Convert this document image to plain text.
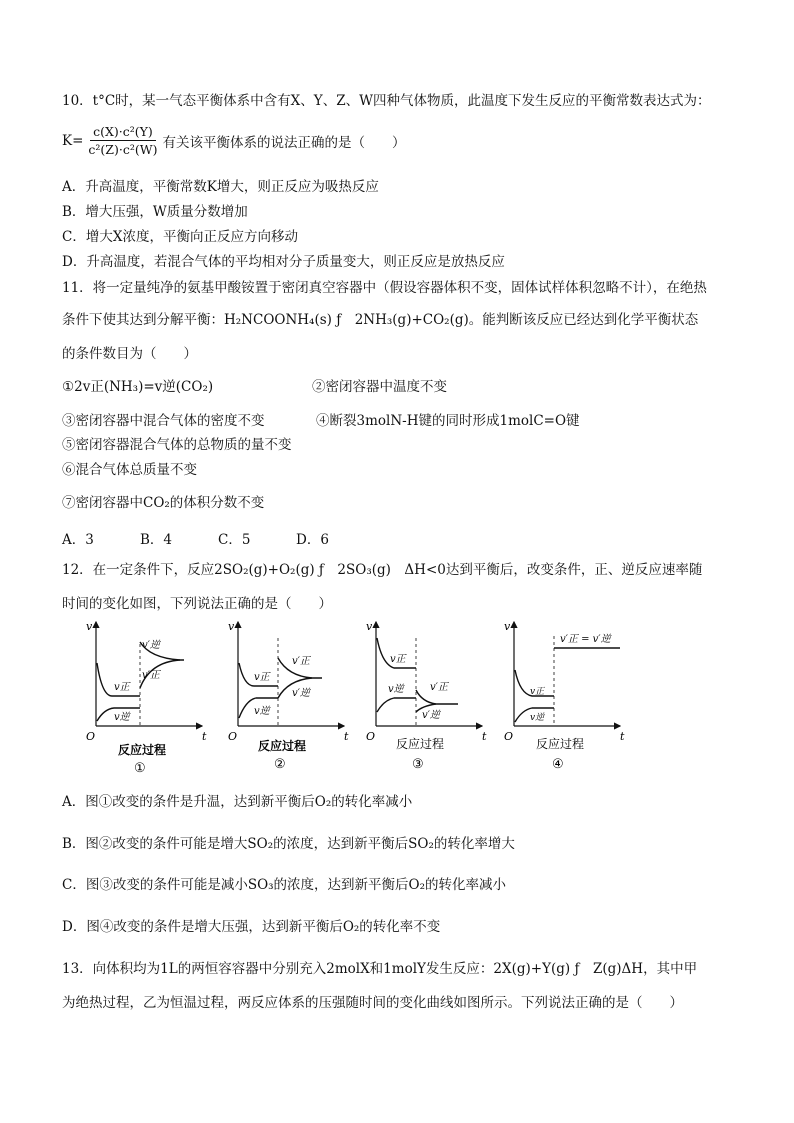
10．t°C时，某一气态平衡体系中含有X、Y、Z、W四种气体物质，此温度下发生反应的平衡常数表达式为：
$K= \frac{\text{c(X)·c²(Y)}}{\text{c²(Z)·c²(W)}}$ 有关该平衡体系的说法正确的是（　　）
A．升高温度，平衡常数K增大，则正反应为吸热反应
B．增大压强，W质量分数增加
C．增大X浓度，平衡向正反应方向移动
D．升高温度，若混合气体的平均相对分子质量变大，则正反应是放热反应
11．将一定量纯净的氨基甲酸铵置于密闭真空容器中（假设容器体积不变，固体试样体积忽略不计），在绝热
条件下使其达到分解平衡：H₂NCOONH₄(s) ƒ　2NH₃(g)+CO₂(g)。能判断该反应已经达到化学平衡状态
的条件数目为（　　）
①2v正(NH₃)=v逆(CO₂)	②密闭容器中温度不变
③密闭容器中混合气体的密度不变	④断裂3molN-H键的同时形成1molC=O键
⑤密闭容器混合气体的总物质的量不变
⑥混合气体总质量不变
⑦密闭容器中CO₂的体积分数不变
A．3	B．4	C．5	D．6
12．在一定条件下，反应2SO₂(g)+O₂(g) ƒ　2SO₃(g)　ΔH<0达到平衡后，改变条件，正、逆反应速率随
时间的变化如图，下列说法正确的是（　　）
v
t
O
v正
v逆
v′逆
v′正
反应过程
①
v
t
O
v正
v逆
v′正
v′逆
反应过程
②
v
t
O
v正
v逆	v′正
v′逆
反应过程
③
v
t
O
v′正 = v′逆
v正
v逆
反应过程
④
A．图①改变的条件是升温，达到新平衡后O₂的转化率减小
B．图②改变的条件可能是增大SO₂的浓度，达到新平衡后SO₂的转化率增大
C．图③改变的条件可能是减小SO₃的浓度，达到新平衡后O₂的转化率减小
D．图④改变的条件是增大压强，达到新平衡后O₂的转化率不变
13．向体积均为1L的两恒容容器中分别充入2molX和1molY发生反应：2X(g)+Y(g) ƒ　Z(g)ΔH，其中甲
为绝热过程，乙为恒温过程，两反应体系的压强随时间的变化曲线如图所示。下列说法正确的是（　　）
